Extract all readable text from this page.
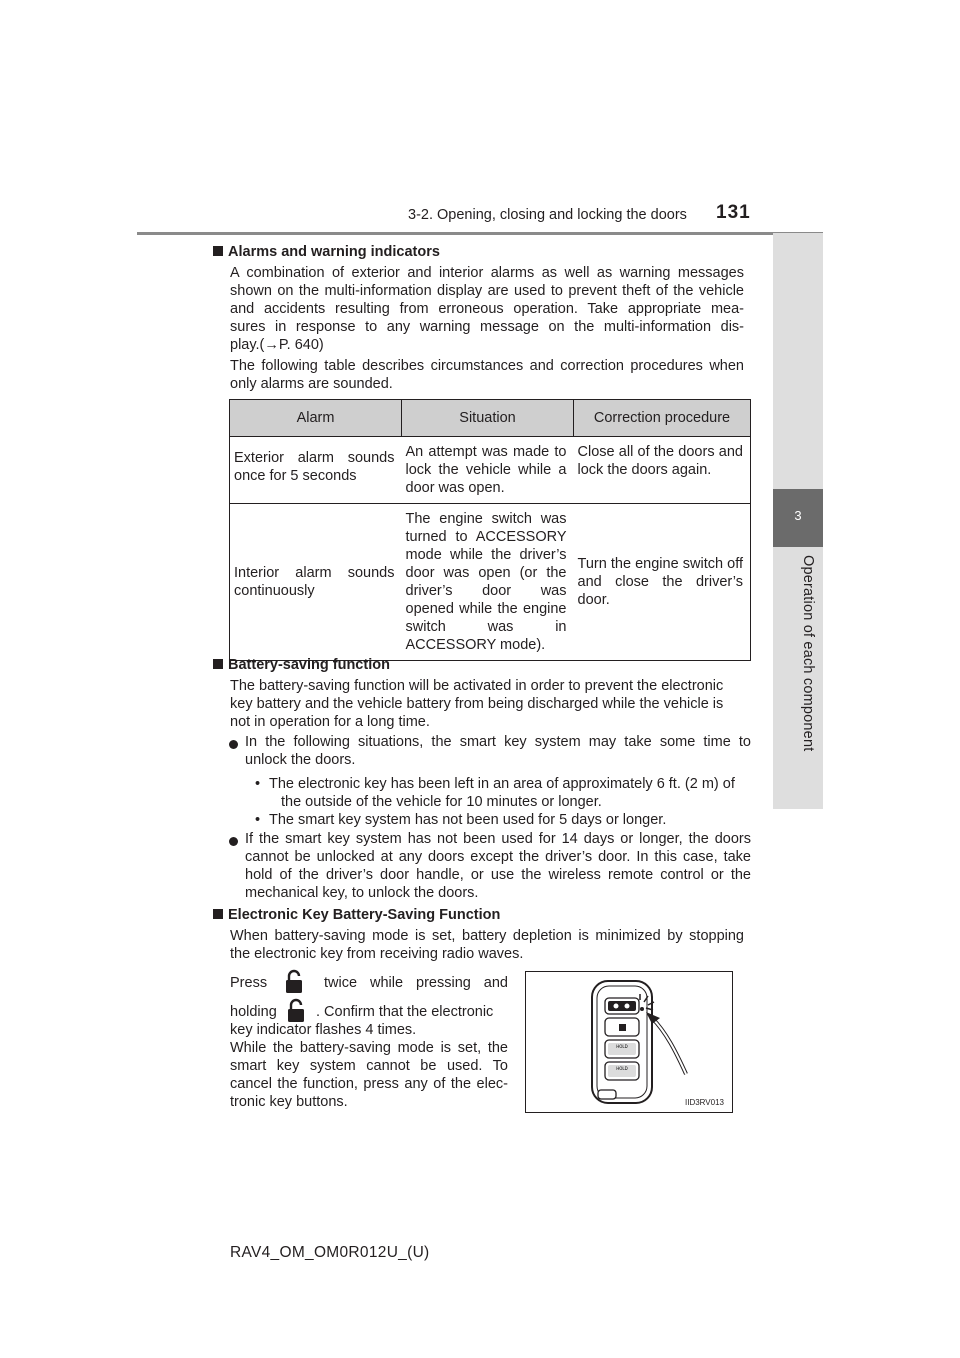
3-2. Opening, closing and locking the doors 131
3
Operation of each component
Alarms and warning indicators
A combination of exterior and interior alarms as well as warning messages
shown on the multi-information display are used to prevent theft of the vehicle
and accidents resulting from erroneous operation. Take appropriate mea-
sures in response to any warning message on the multi-information dis-
play.(→P. 640)
The following table describes circumstances and correction procedures when
only alarms are sounded.
Alarm	Situation	Correction procedure
Exterior alarm sounds once for 5 seconds	An attempt was made to lock the vehicle while a door was open.	Close all of the doors and lock the doors again.
Interior alarm sounds continuously	The engine switch was turned to ACCESSORY mode while the driver’s door was open (or the driver’s door was opened while the engine switch was in ACCESSORY mode).	Turn the engine switch off and close the driver’s door.
Battery-saving function
The battery-saving function will be activated in order to prevent the electronic
key battery and the vehicle battery from being discharged while the vehicle is
not in operation for a long time.
In the following situations, the smart key system may take some time to
unlock the doors.
• The electronic key has been left in an area of approximately 6 ft. (2 m) of
the outside of the vehicle for 10 minutes or longer.
• The smart key system has not been used for 5 days or longer.
If the smart key system has not been used for 14 days or longer, the doors
cannot be unlocked at any doors except the driver’s door. In this case, take
hold of the driver’s door handle, or use the wireless remote control or the
mechanical key, to unlock the doors.
Electronic Key Battery-Saving Function
When battery-saving mode is set, battery depletion is minimized by stopping
the electronic key from receiving radio waves.
Press	twice while pressing and
holding	. Confirm that the electronic
key indicator flashes 4 times.
While the battery-saving mode is set, the
smart key system cannot be used. To
cancel the function, press any of the elec-
tronic key buttons.
HOLD
HOLD
IID3RV013
RAV4_OM_OM0R012U_(U)
